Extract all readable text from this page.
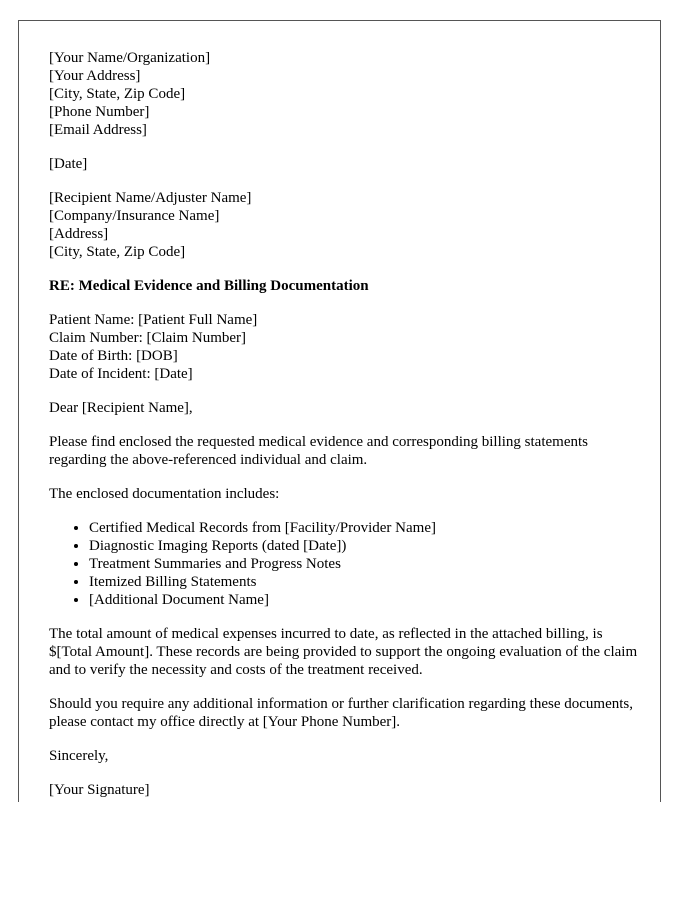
[Your Name/Organization]
[Your Address]
[City, State, Zip Code]
[Phone Number]
[Email Address]
[Date]
[Recipient Name/Adjuster Name]
[Company/Insurance Name]
[Address]
[City, State, Zip Code]
RE: Medical Evidence and Billing Documentation
Patient Name: [Patient Full Name]
Claim Number: [Claim Number]
Date of Birth: [DOB]
Date of Incident: [Date]
Dear [Recipient Name],

Please find enclosed the requested medical evidence and corresponding billing statements regarding the above-referenced individual and claim.

The enclosed documentation includes:

• Certified Medical Records from [Facility/Provider Name]
• Diagnostic Imaging Reports (dated [Date])
• Treatment Summaries and Progress Notes
• Itemized Billing Statements
• [Additional Document Name]

The total amount of medical expenses incurred to date, as reflected in the attached billing, is $[Total Amount]. These records are being provided to support the ongoing evaluation of the claim and to verify the necessity and costs of the treatment received.

Should you require any additional information or further clarification regarding these documents, please contact my office directly at [Your Phone Number].

Sincerely,
[Your Signature]
